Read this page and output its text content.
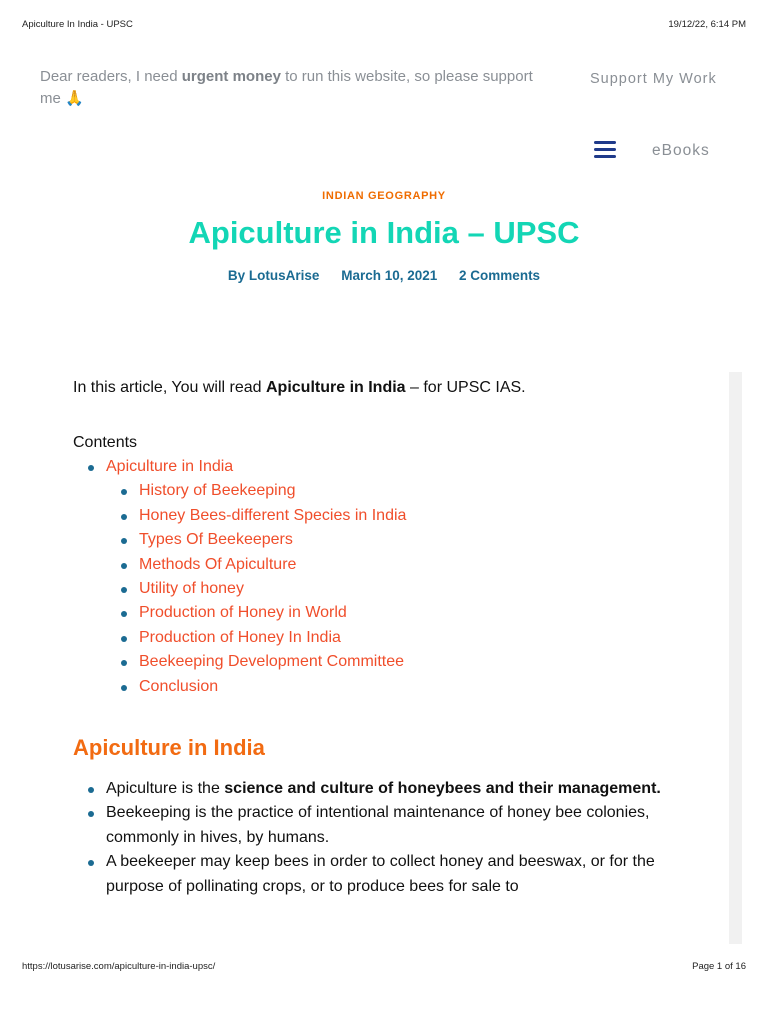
Apiculture In India - UPSC	19/12/22, 6:14 PM
Dear readers, I need urgent money to run this website, so please support me 🙏
Support My Work
eBooks
INDIAN GEOGRAPHY
Apiculture in India – UPSC
By LotusArise March 10, 2021 2 Comments

In this article, You will read Apiculture in India – for UPSC IAS.

Contents

Apiculture in India
History of Beekeeping
Honey Bees-different Species in India
Types Of Beekeepers
Methods Of Apiculture
Utility of honey
Production of Honey in World
Production of Honey In India
Beekeeping Development Committee
Conclusion
Apiculture in India
Apiculture is the science and culture of honeybees and their management.
Beekeeping is the practice of intentional maintenance of honey bee colonies, commonly in hives, by humans.
A beekeeper may keep bees in order to collect honey and beeswax, or for the purpose of pollinating crops, or to produce bees for sale to
https://lotusarise.com/apiculture-in-india-upsc/	Page 1 of 16
